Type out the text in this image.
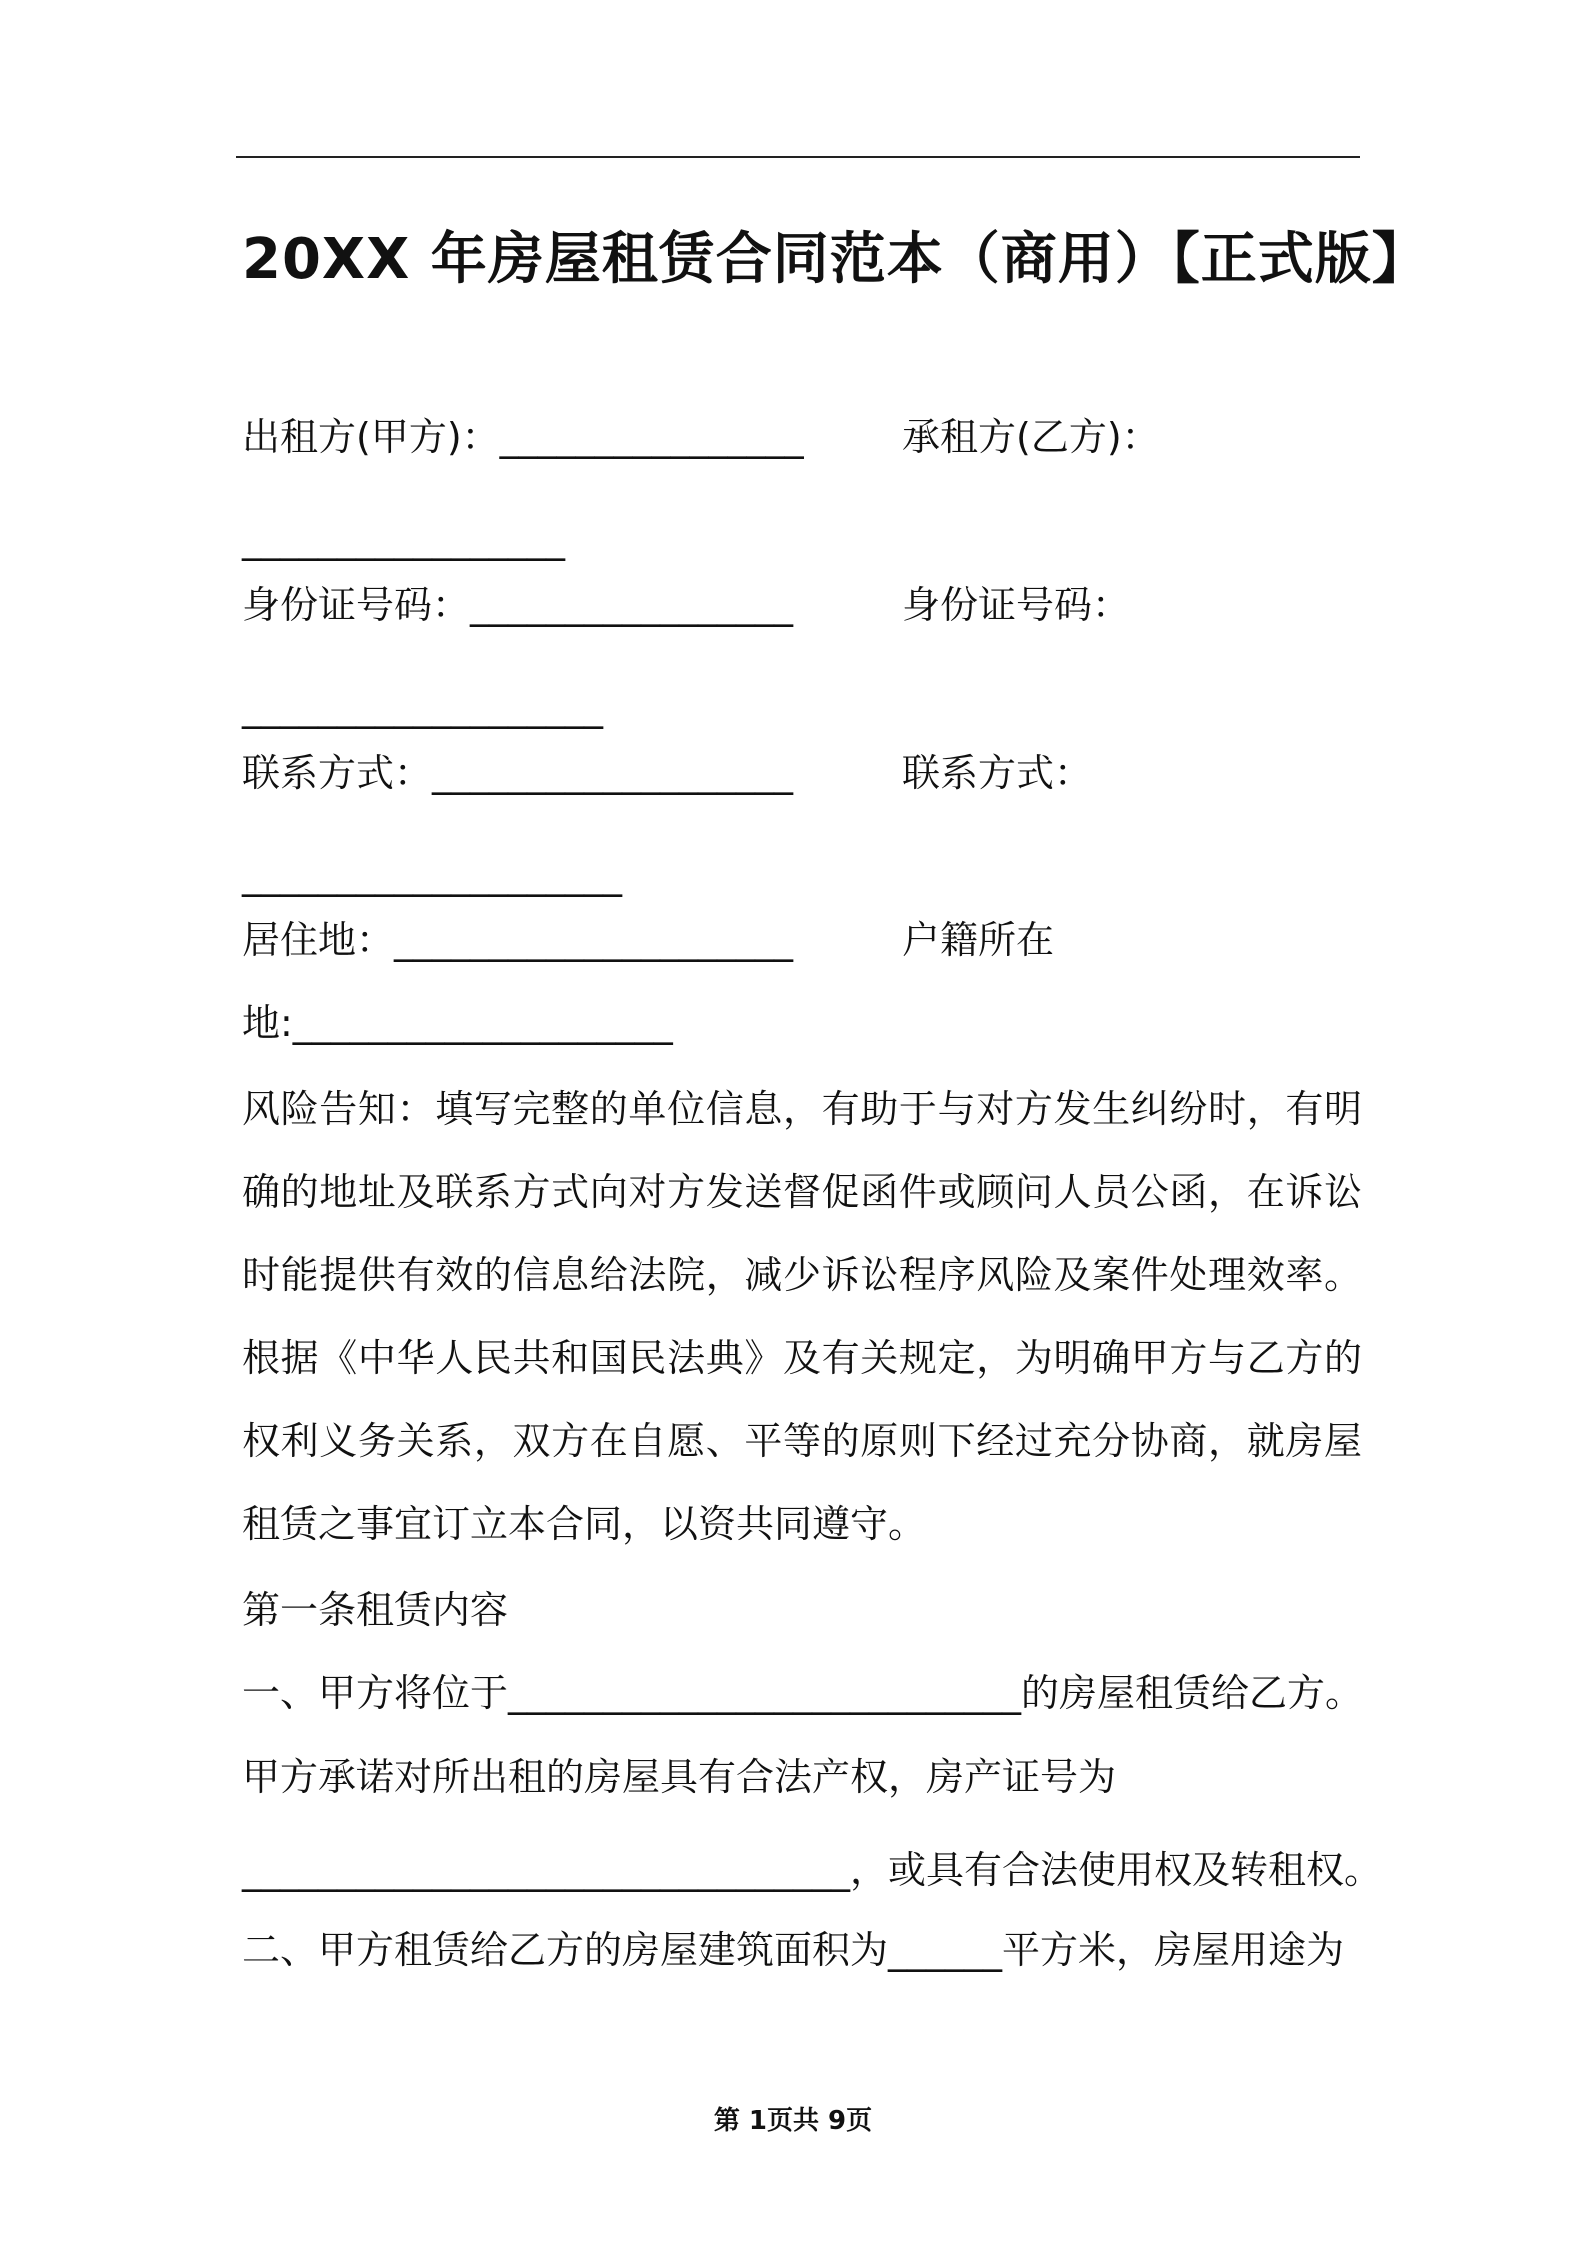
20XX 年房屋租赁合同范本（商用）【正式版】
出租方(甲方)：________________	承租方(乙方)：
_________________
身份证号码：_________________	身份证号码：
___________________
联系方式：___________________	联系方式：
____________________
居住地：_____________________	户籍所在
地:____________________
风险告知：填写完整的单位信息，有助于与对方发生纠纷时，有明确的地址及联系方式向对方发送督促函件或顾问人员公函，在诉讼时能提供有效的信息给法院，减少诉讼程序风险及案件处理效率。根据《中华人民共和国民法典》及有关规定，为明确甲方与乙方的权利义务关系，双方在自愿、平等的原则下经过充分协商，就房屋租赁之事宜订立本合同，以资共同遵守。
第一条租赁内容
一、甲方将位于___________________________的房屋租赁给乙方。
甲方承诺对所出租的房屋具有合法产权，房产证号为
________________________________，或具有合法使用权及转租权。
二、甲方租赁给乙方的房屋建筑面积为______平方米，房屋用途为
第 1页共 9页
